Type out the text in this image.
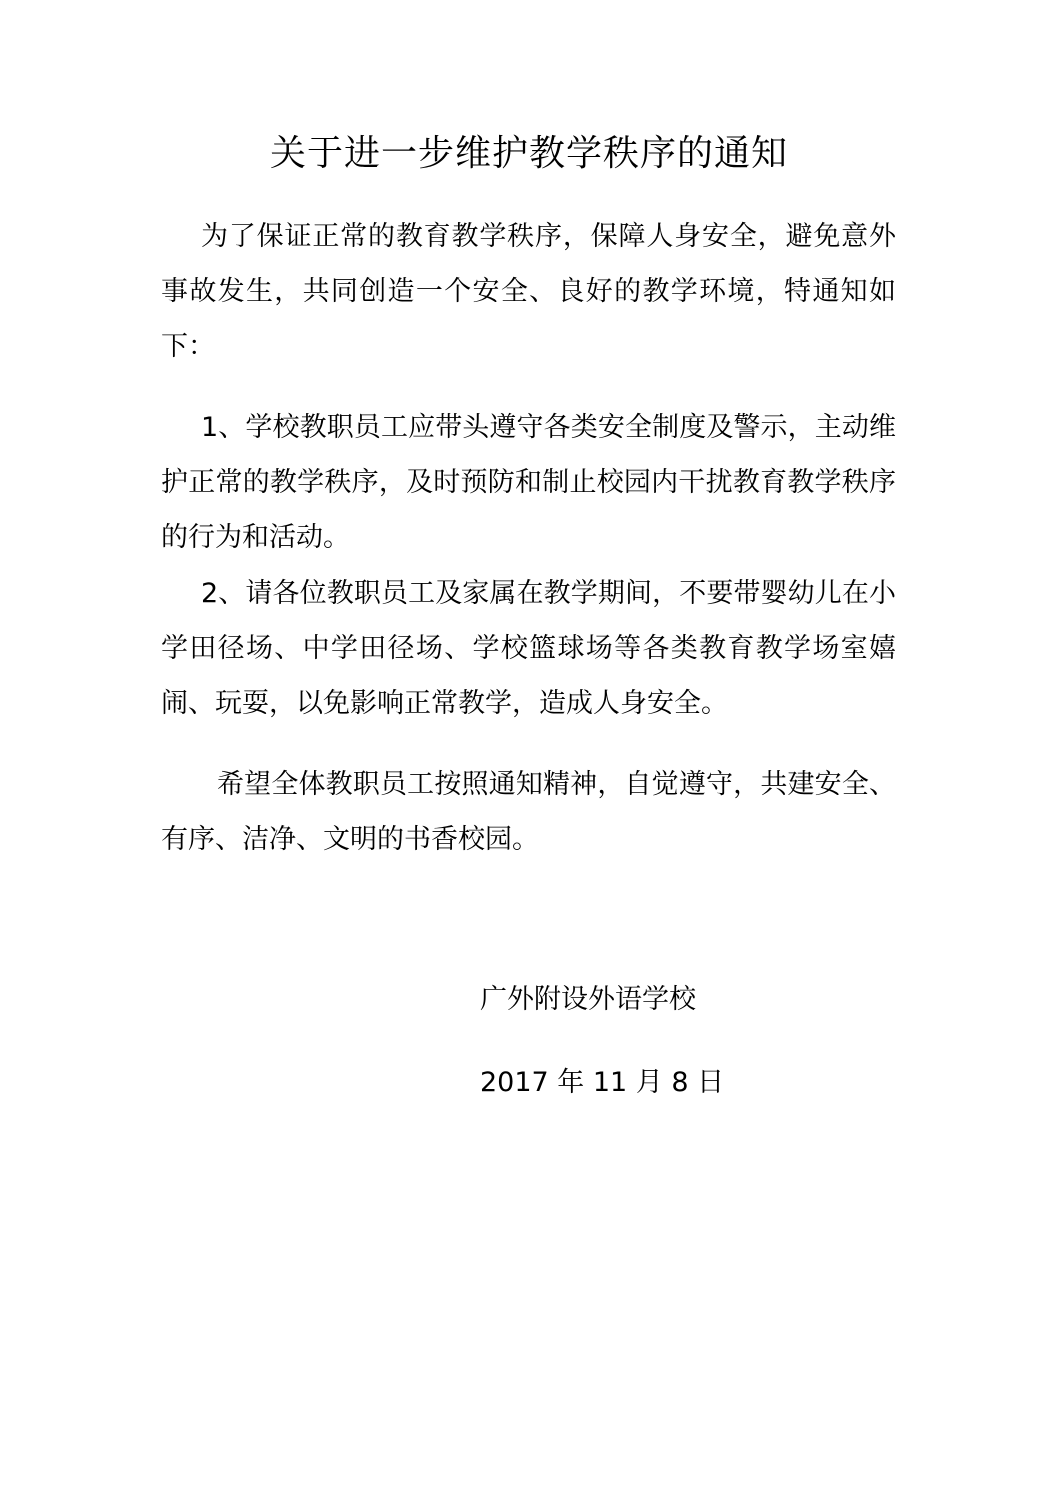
关于进一步维护教学秩序的通知

为了保证正常的教育教学秩序，保障人身安全，避免意外事故发生，共同创造一个安全、良好的教学环境，特通知如下：

1、学校教职员工应带头遵守各类安全制度及警示，主动维护正常的教学秩序，及时预防和制止校园内干扰教育教学秩序的行为和活动。

2、请各位教职员工及家属在教学期间，不要带婴幼儿在小学田径场、中学田径场、学校篮球场等各类教育教学场室嬉闹、玩耍，以免影响正常教学，造成人身安全。

希望全体教职员工按照通知精神，自觉遵守，共建安全、有序、洁净、文明的书香校园。

广外附设外语学校

2017 年 11 月 8 日
